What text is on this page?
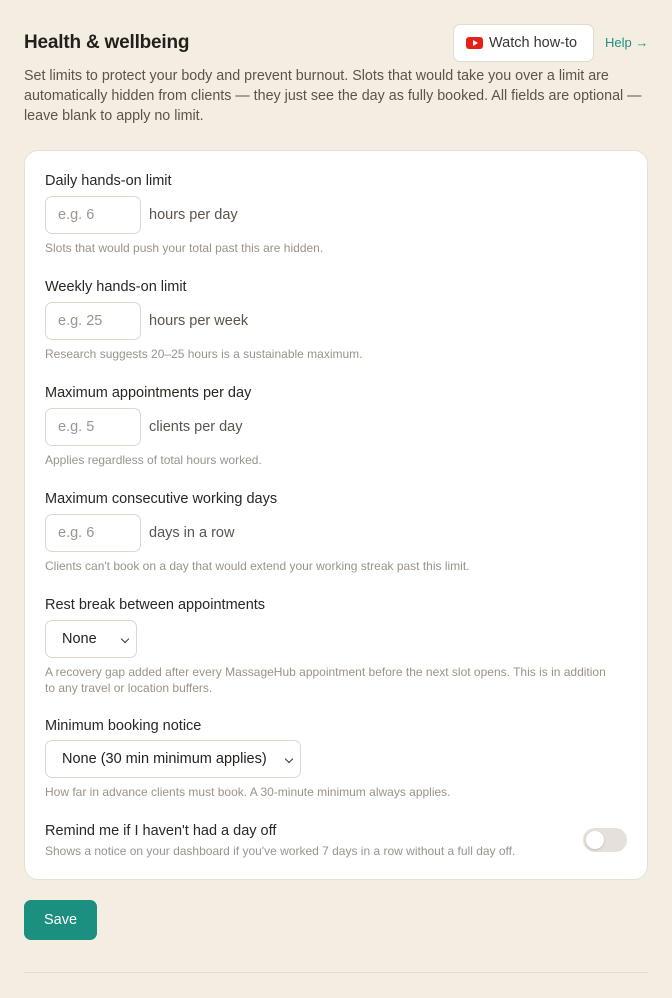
Health & wellbeing	Watch how-to Help →

Set limits to protect your body and prevent burnout. Slots that would take you over a limit are automatically hidden from clients — they just see the day as fully booked. All fields are optional — leave blank to apply no limit.

Daily hands-on limit
e.g. 6
hours per day
Slots that would push your total past this are hidden.
Weekly hands-on limit
e.g. 25
hours per week
Research suggests 20–25 hours is a sustainable maximum.
Maximum appointments per day
e.g. 5
clients per day
Applies regardless of total hours worked.
Maximum consecutive working days
e.g. 6
days in a row
Clients can't book on a day that would extend your working streak past this limit.
Rest break between appointments
None
A recovery gap added after every MassageHub appointment before the next slot opens. This is in addition to any travel or location buffers.
Minimum booking notice
None (30 min minimum applies)
How far in advance clients must book. A 30-minute minimum always applies.
Remind me if I haven't had a day off
Shows a notice on your dashboard if you've worked 7 days in a row without a full day off.
Save
